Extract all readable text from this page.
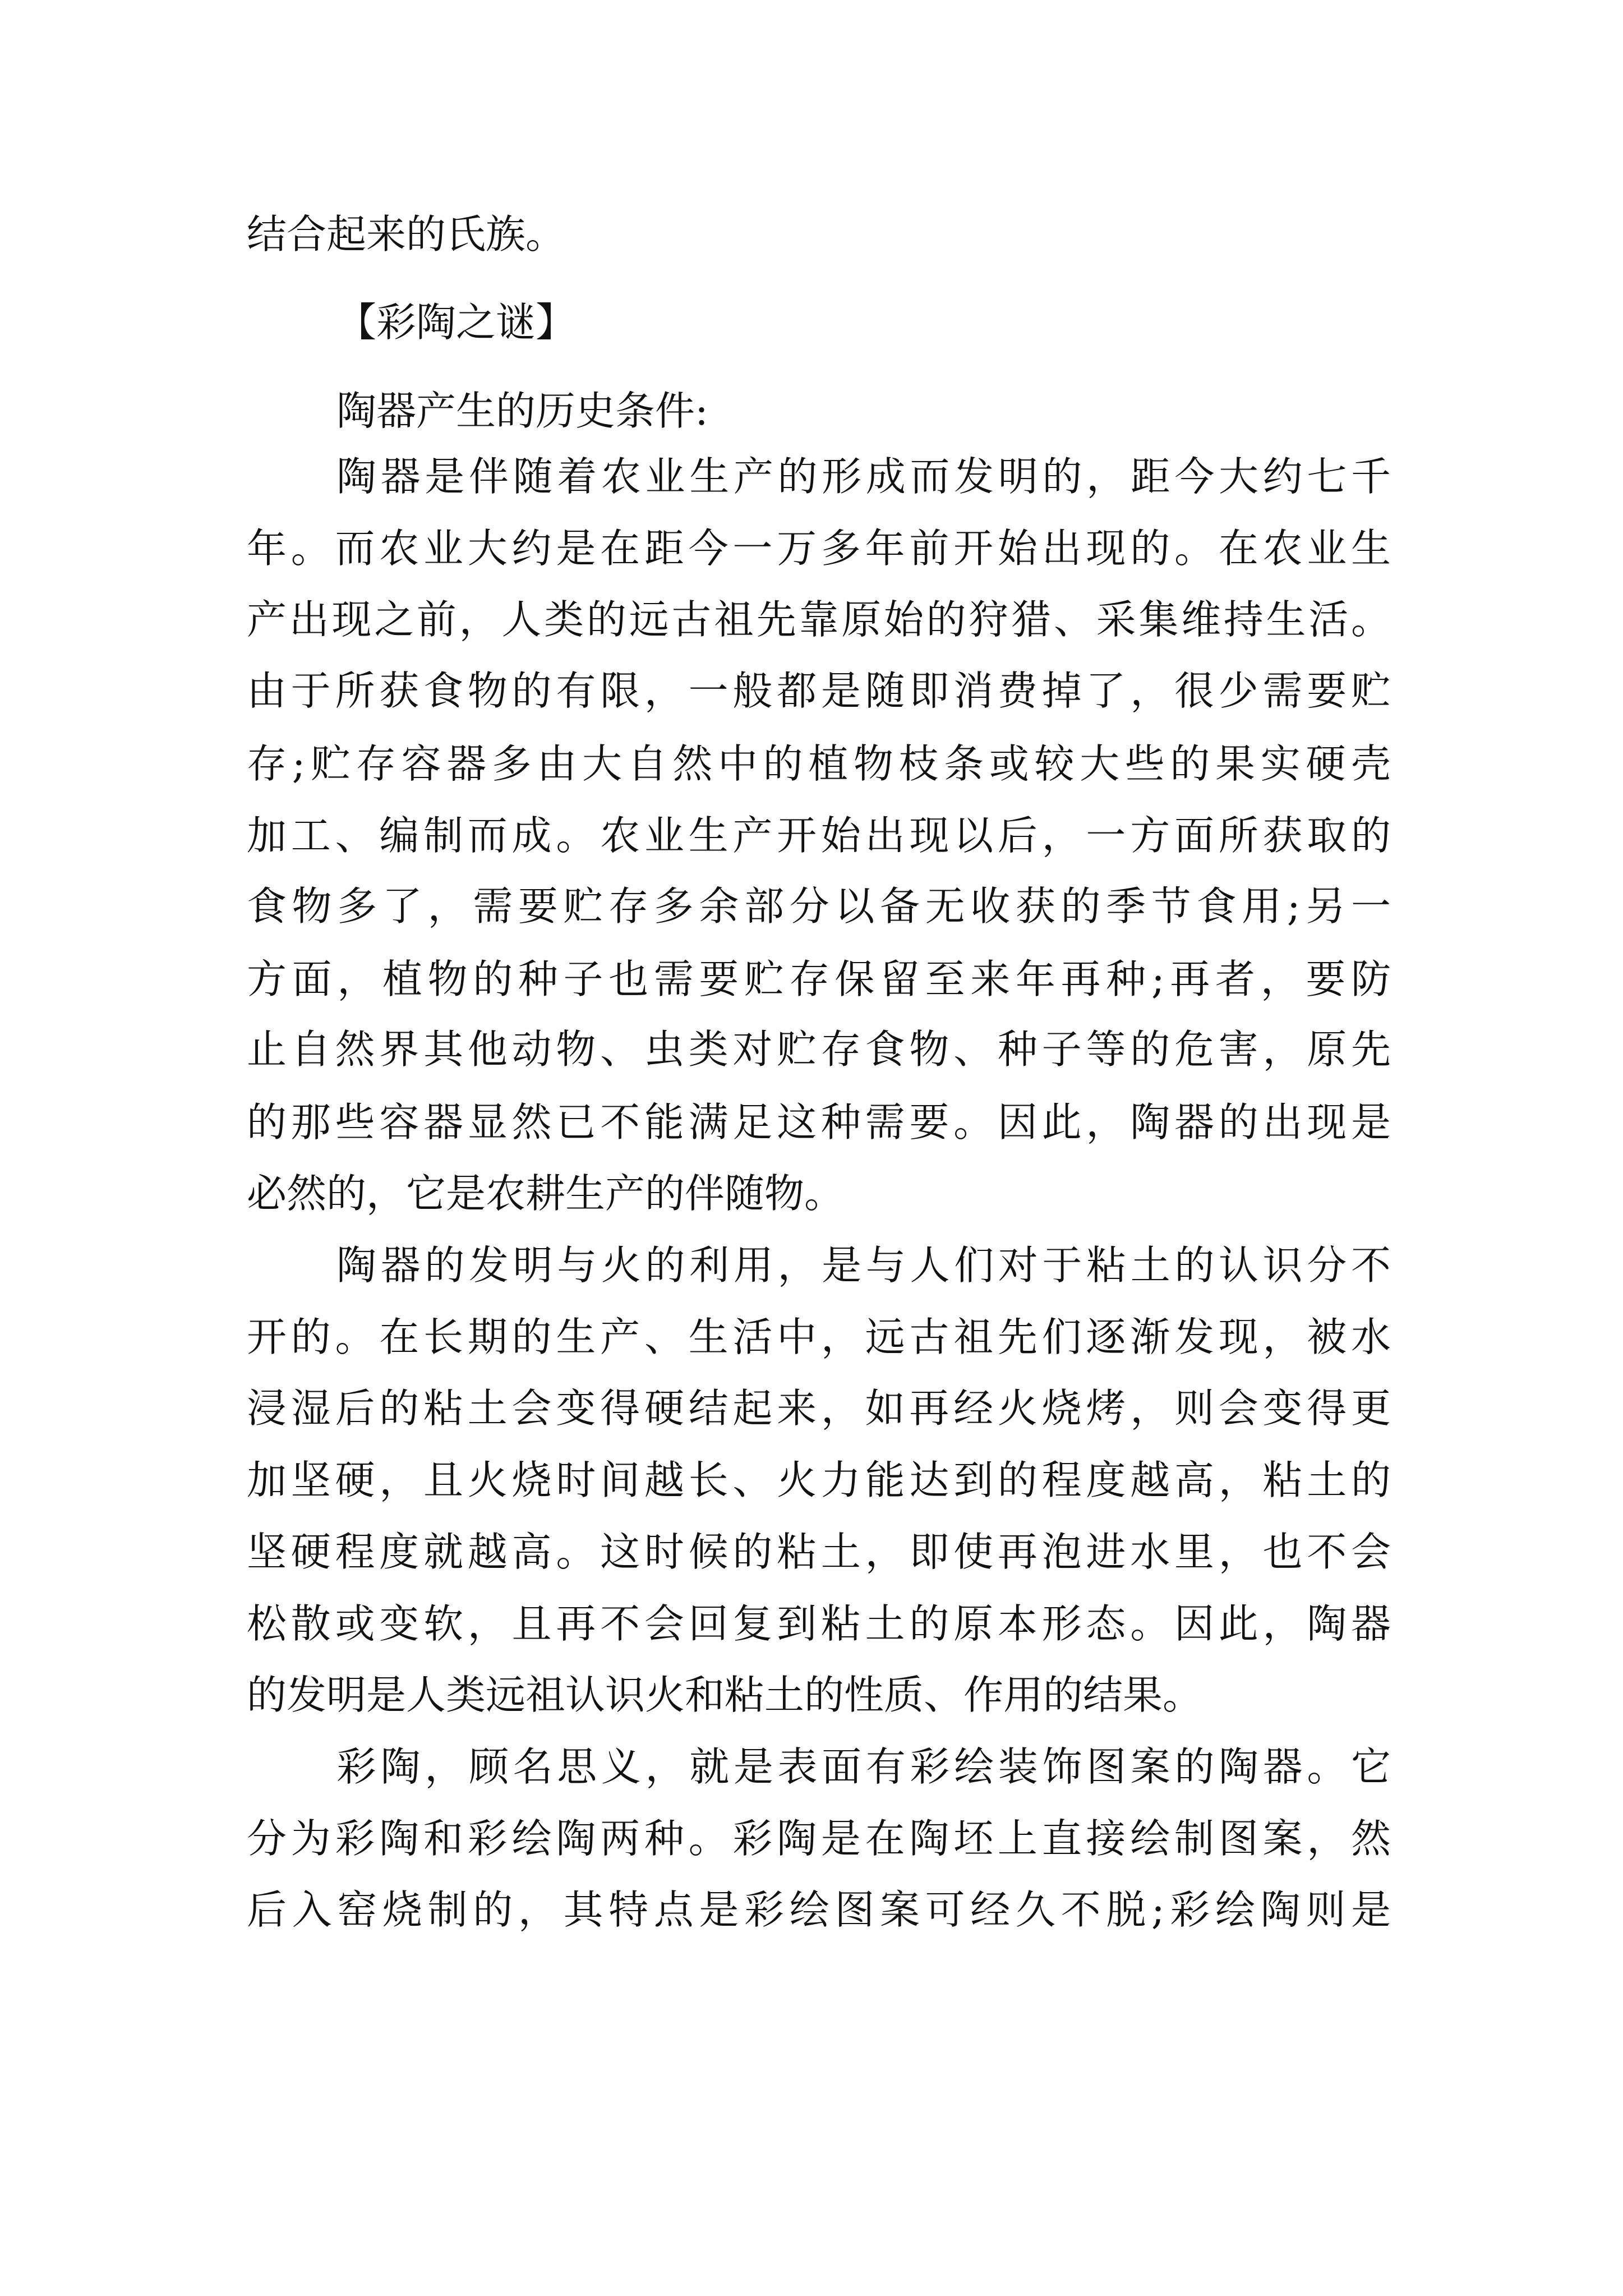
结合起来的氏族。
【彩陶之谜】
陶器产生的历史条件:
陶器是伴随着农业生产的形成而发明的，距今大约七千
年。而农业大约是在距今一万多年前开始出现的。在农业生
产出现之前，人类的远古祖先靠原始的狩猎、采集维持生活。
由于所获食物的有限，一般都是随即消费掉了，很少需要贮
存;贮存容器多由大自然中的植物枝条或较大些的果实硬壳
加工、编制而成。农业生产开始出现以后，一方面所获取的
食物多了，需要贮存多余部分以备无收获的季节食用;另一
方面，植物的种子也需要贮存保留至来年再种;再者，要防
止自然界其他动物、虫类对贮存食物、种子等的危害，原先
的那些容器显然已不能满足这种需要。因此，陶器的出现是
必然的，它是农耕生产的伴随物。
陶器的发明与火的利用，是与人们对于粘土的认识分不
开的。在长期的生产、生活中，远古祖先们逐渐发现，被水
浸湿后的粘土会变得硬结起来，如再经火烧烤，则会变得更
加坚硬，且火烧时间越长、火力能达到的程度越高，粘土的
坚硬程度就越高。这时候的粘土，即使再泡进水里，也不会
松散或变软，且再不会回复到粘土的原本形态。因此，陶器
的发明是人类远祖认识火和粘土的性质、作用的结果。
彩陶，顾名思义，就是表面有彩绘装饰图案的陶器。它
分为彩陶和彩绘陶两种。彩陶是在陶坯上直接绘制图案，然
后入窑烧制的，其特点是彩绘图案可经久不脱;彩绘陶则是
